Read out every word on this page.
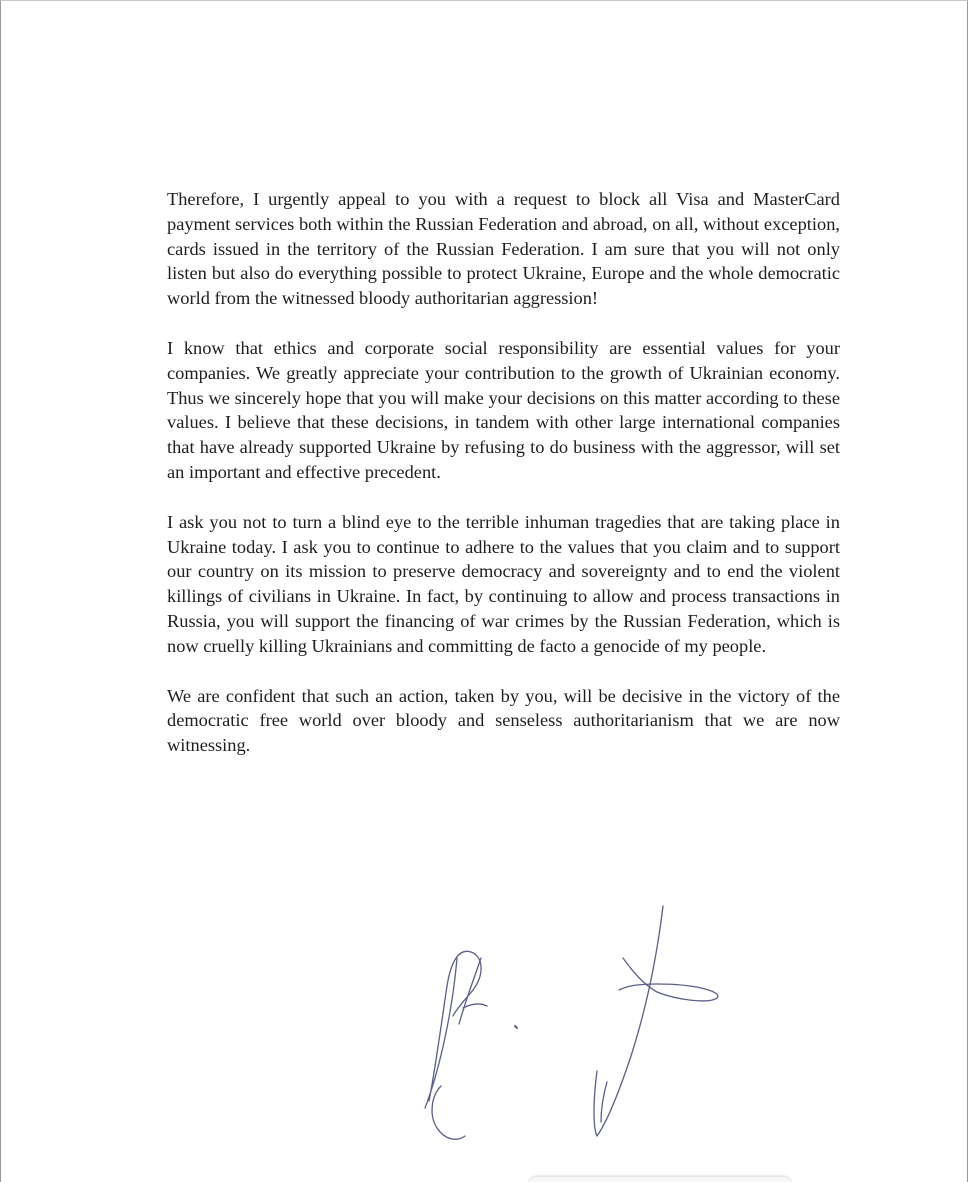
Therefore, I urgently appeal to you with a request to block all Visa and MasterCard payment services both within the Russian Federation and abroad, on all, without exception, cards issued in the territory of the Russian Federation. I am sure that you will not only listen but also do everything possible to protect Ukraine, Europe and the whole democratic world from the witnessed bloody authoritarian aggression!

I know that ethics and corporate social responsibility are essential values for your companies. We greatly appreciate your contribution to the growth of Ukrainian economy. Thus we sincerely hope that you will make your decisions on this matter according to these values. I believe that these decisions, in tandem with other large international companies that have already supported Ukraine by refusing to do business with the aggressor, will set an important and effective precedent.

I ask you not to turn a blind eye to the terrible inhuman tragedies that are taking place in Ukraine today. I ask you to continue to adhere to the values that you claim and to support our country on its mission to preserve democracy and sovereignty and to end the violent killings of civilians in Ukraine. In fact, by continuing to allow and process transactions in Russia, you will support the financing of war crimes by the Russian Federation, which is now cruelly killing Ukrainians and committing de facto a genocide of my people.

We are confident that such an action, taken by you, will be decisive in the victory of the democratic free world over bloody and senseless authoritarianism that we are now witnessing.
